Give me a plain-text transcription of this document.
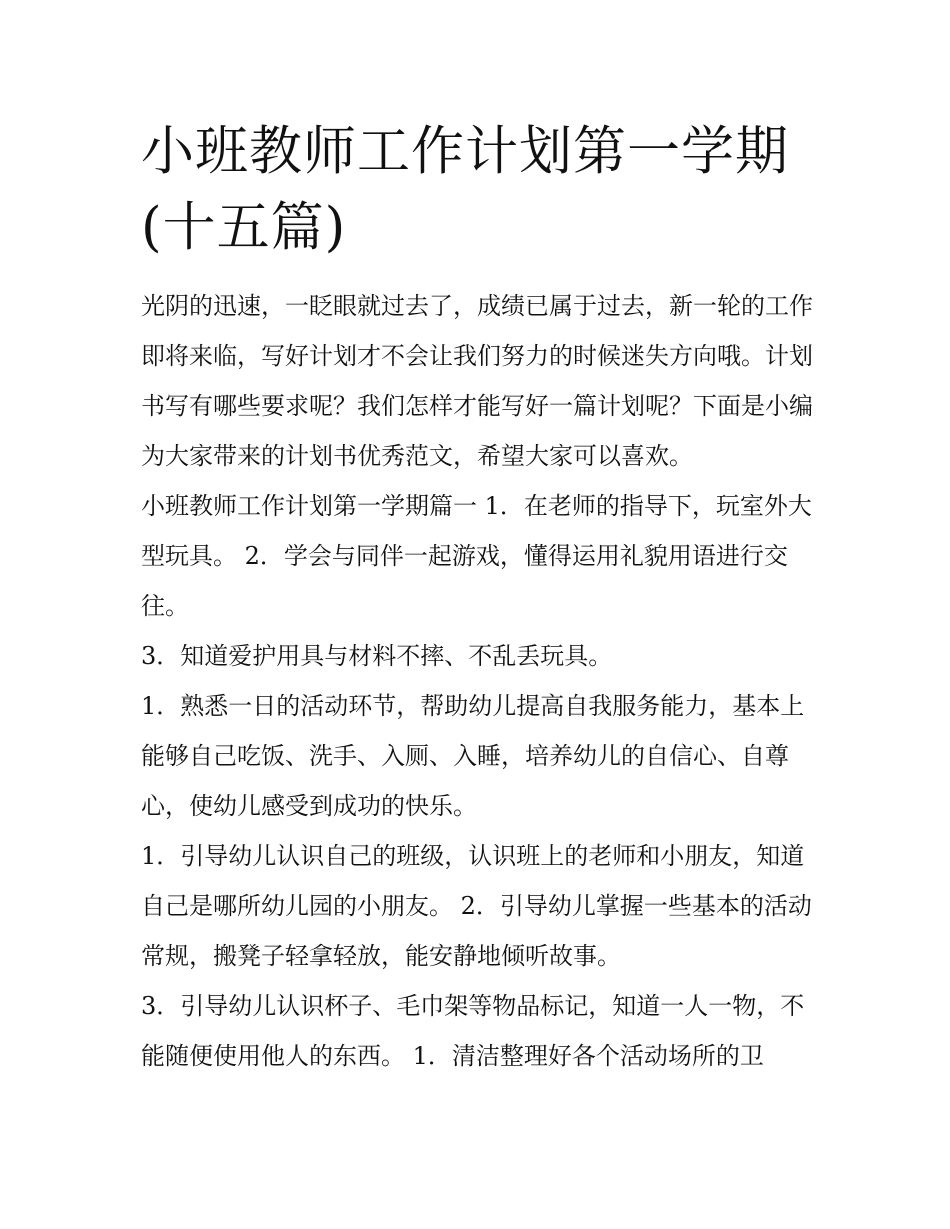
小班教师工作计划第一学期(十五篇)

光阴的迅速，一眨眼就过去了，成绩已属于过去，新一轮的工作即将来临，写好计划才不会让我们努力的时候迷失方向哦。计划书写有哪些要求呢？我们怎样才能写好一篇计划呢？下面是小编为大家带来的计划书优秀范文，希望大家可以喜欢。

小班教师工作计划第一学期篇一 1．在老师的指导下，玩室外大型玩具。 2．学会与同伴一起游戏，懂得运用礼貌用语进行交往。

3．知道爱护用具与材料不摔、不乱丢玩具。

1．熟悉一日的活动环节，帮助幼儿提高自我服务能力，基本上能够自己吃饭、洗手、入厕、入睡，培养幼儿的自信心、自尊心，使幼儿感受到成功的快乐。

1．引导幼儿认识自己的班级，认识班上的老师和小朋友，知道自己是哪所幼儿园的小朋友。 2．引导幼儿掌握一些基本的活动常规，搬凳子轻拿轻放，能安静地倾听故事。

3．引导幼儿认识杯子、毛巾架等物品标记，知道一人一物，不能随便使用他人的东西。 1．清洁整理好各个活动场所的卫
